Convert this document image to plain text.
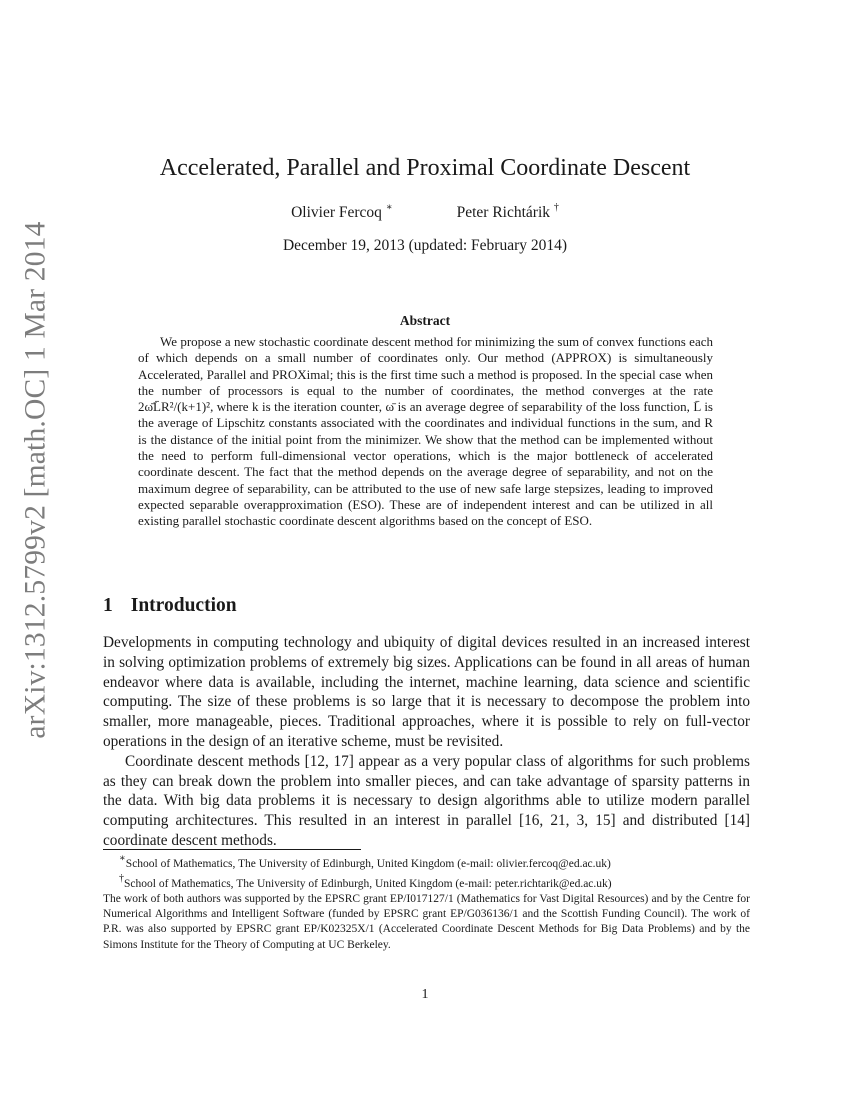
arXiv:1312.5799v2 [math.OC] 1 Mar 2014
Accelerated, Parallel and Proximal Coordinate Descent
Olivier Fercoq ∗	Peter Richtárik †
December 19, 2013 (updated: February 2014)
Abstract

We propose a new stochastic coordinate descent method for minimizing the sum of convex functions each of which depends on a small number of coordinates only. Our method (APPROX) is simultaneously Accelerated, Parallel and PROXimal; this is the first time such a method is proposed. In the special case when the number of processors is equal to the number of coordinates, the method converges at the rate 2ω̄L̄R²/(k+1)², where k is the iteration counter, ω̄ is an average degree of separability of the loss function, L̄ is the average of Lipschitz constants associated with the coordinates and individual functions in the sum, and R is the distance of the initial point from the minimizer. We show that the method can be implemented without the need to perform full-dimensional vector operations, which is the major bottleneck of accelerated coordinate descent. The fact that the method depends on the average degree of separability, and not on the maximum degree of separability, can be attributed to the use of new safe large stepsizes, leading to improved expected separable overapproximation (ESO). These are of independent interest and can be utilized in all existing parallel stochastic coordinate descent algorithms based on the concept of ESO.

1 Introduction

Developments in computing technology and ubiquity of digital devices resulted in an increased interest in solving optimization problems of extremely big sizes. Applications can be found in all areas of human endeavor where data is available, including the internet, machine learning, data science and scientific computing. The size of these problems is so large that it is necessary to decompose the problem into smaller, more manageable, pieces. Traditional approaches, where it is possible to rely on full-vector operations in the design of an iterative scheme, must be revisited.

Coordinate descent methods [12, 17] appear as a very popular class of algorithms for such problems as they can break down the problem into smaller pieces, and can take advantage of sparsity patterns in the data. With big data problems it is necessary to design algorithms able to utilize modern parallel computing architectures. This resulted in an interest in parallel [16, 21, 3, 15] and distributed [14] coordinate descent methods.

∗School of Mathematics, The University of Edinburgh, United Kingdom (e-mail: olivier.fercoq@ed.ac.uk)

†School of Mathematics, The University of Edinburgh, United Kingdom (e-mail: peter.richtarik@ed.ac.uk)

The work of both authors was supported by the EPSRC grant EP/I017127/1 (Mathematics for Vast Digital Resources) and by the Centre for Numerical Algorithms and Intelligent Software (funded by EPSRC grant EP/G036136/1 and the Scottish Funding Council). The work of P.R. was also supported by EPSRC grant EP/K02325X/1 (Accelerated Coordinate Descent Methods for Big Data Problems) and by the Simons Institute for the Theory of Computing at UC Berkeley.

1
